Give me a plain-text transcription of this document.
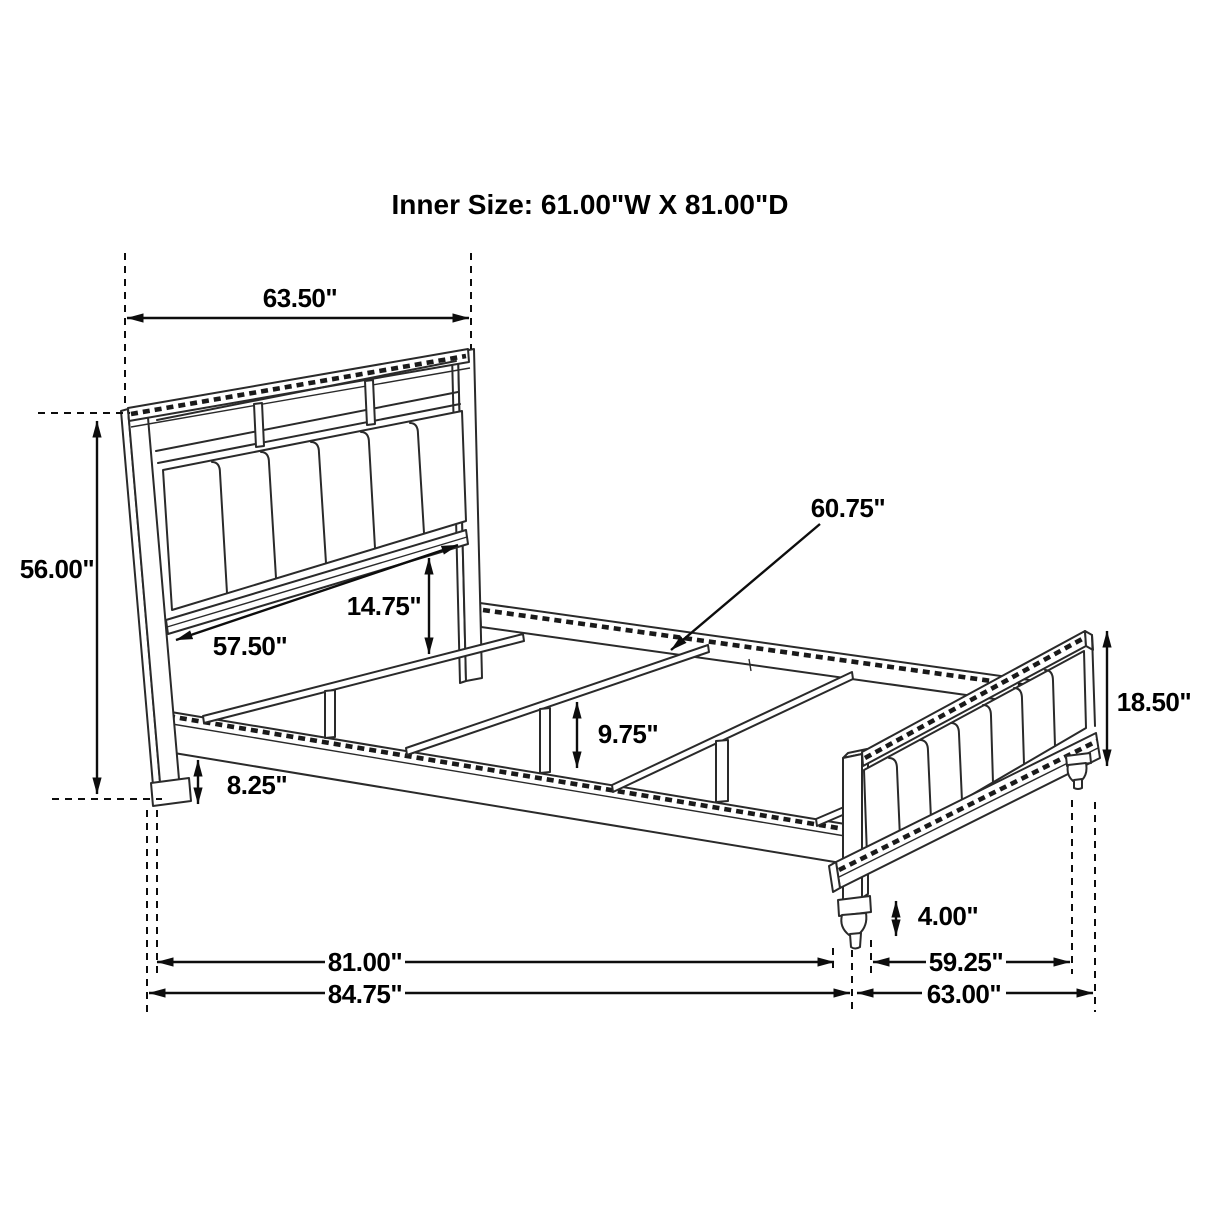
63.50"
56.00"
57.50"
14.75"
60.75"
9.75"
8.25"
18.50"
4.00"
81.00"
84.75"
59.25"
63.00"
Inner Size: 61.00"W X 81.00"D
